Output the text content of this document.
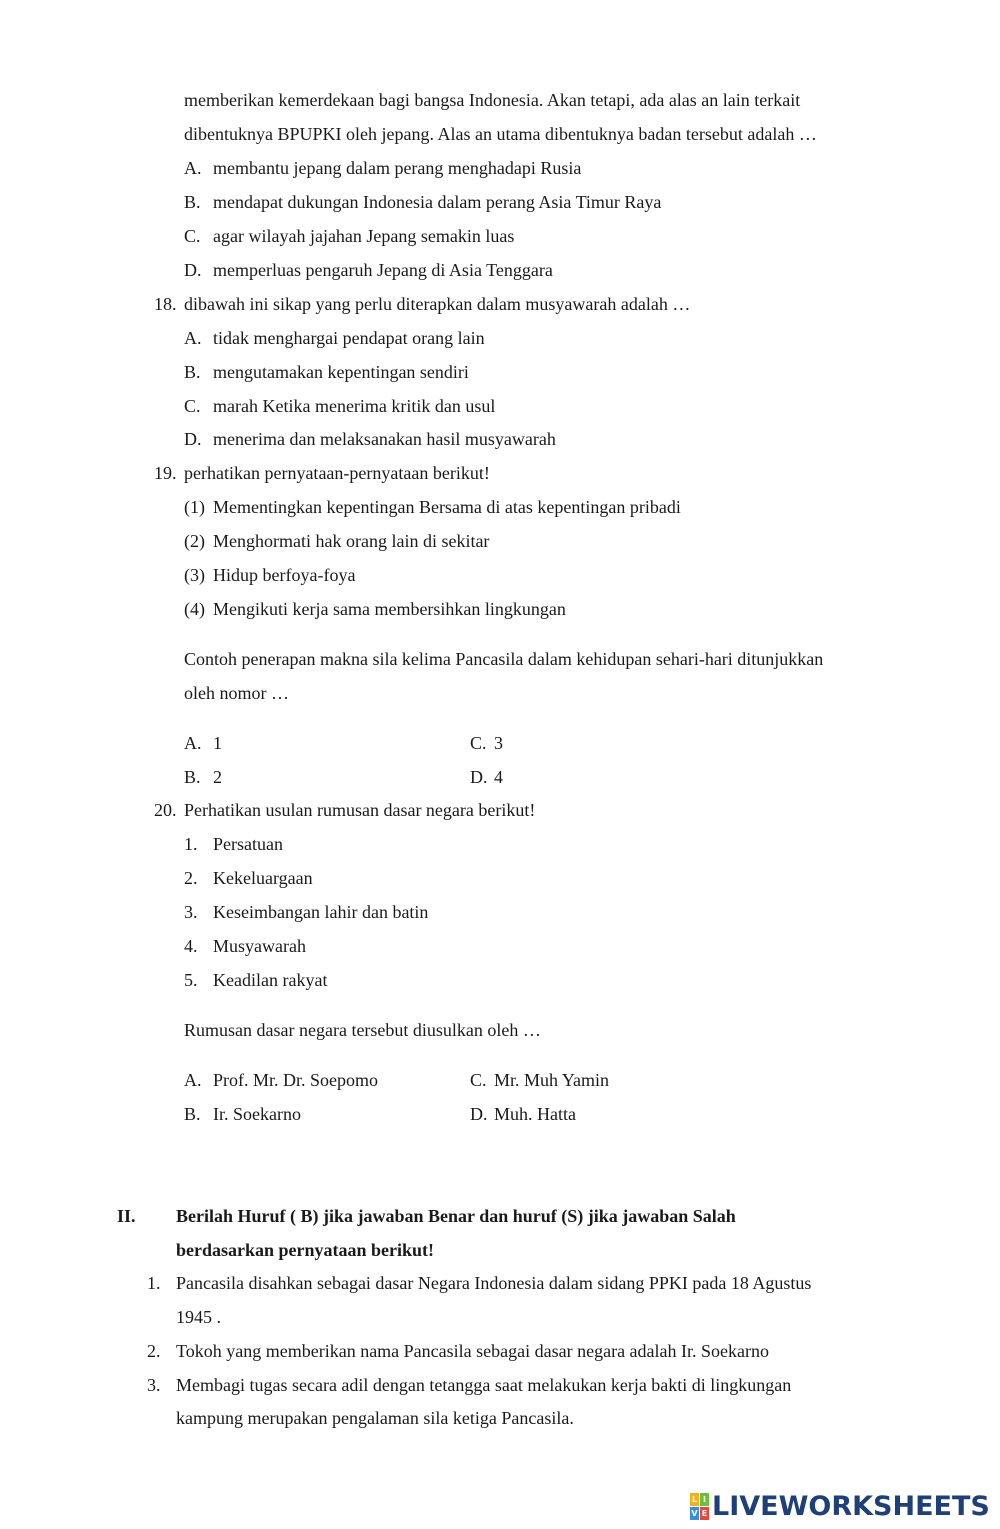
memberikan kemerdekaan bagi bangsa Indonesia. Akan tetapi, ada alas an lain terkait
dibentuknya BPUPKI oleh jepang. Alas an utama dibentuknya badan tersebut adalah …
A. membantu jepang dalam perang menghadapi Rusia
B. mendapat dukungan Indonesia dalam perang Asia Timur Raya
C. agar wilayah jajahan Jepang semakin luas
D. memperluas pengaruh Jepang di Asia Tenggara
18. dibawah ini sikap yang perlu diterapkan dalam musyawarah adalah …
A. tidak menghargai pendapat orang lain
B. mengutamakan kepentingan sendiri
C. marah Ketika menerima kritik dan usul
D. menerima dan melaksanakan hasil musyawarah
19. perhatikan pernyataan-pernyataan berikut!
(1) Mementingkan kepentingan Bersama di atas kepentingan pribadi
(2) Menghormati hak orang lain di sekitar
(3) Hidup berfoya-foya
(4) Mengikuti kerja sama membersihkan lingkungan
Contoh penerapan makna sila kelima Pancasila dalam kehidupan sehari-hari ditunjukkan
oleh nomor …
A. 1	C. 3
B. 2	D. 4
20. Perhatikan usulan rumusan dasar negara berikut!
1. Persatuan
2. Kekeluargaan
3. Keseimbangan lahir dan batin
4. Musyawarah
5. Keadilan rakyat
Rumusan dasar negara tersebut diusulkan oleh …
A. Prof. Mr. Dr. Soepomo	C. Mr. Muh Yamin
B. Ir. Soekarno	D. Muh. Hatta
II. Berilah Huruf ( B) jika jawaban Benar dan huruf (S) jika jawaban Salah
berdasarkan pernyataan berikut!
1. Pancasila disahkan sebagai dasar Negara Indonesia dalam sidang PPKI pada 18 Agustus
1945 .
2. Tokoh yang memberikan nama Pancasila sebagai dasar negara adalah Ir. Soekarno
3. Membagi tugas secara adil dengan tetangga saat melakukan kerja bakti di lingkungan
kampung merupakan pengalaman sila ketiga Pancasila.
L I
V E LIVEWORKSHEETS
